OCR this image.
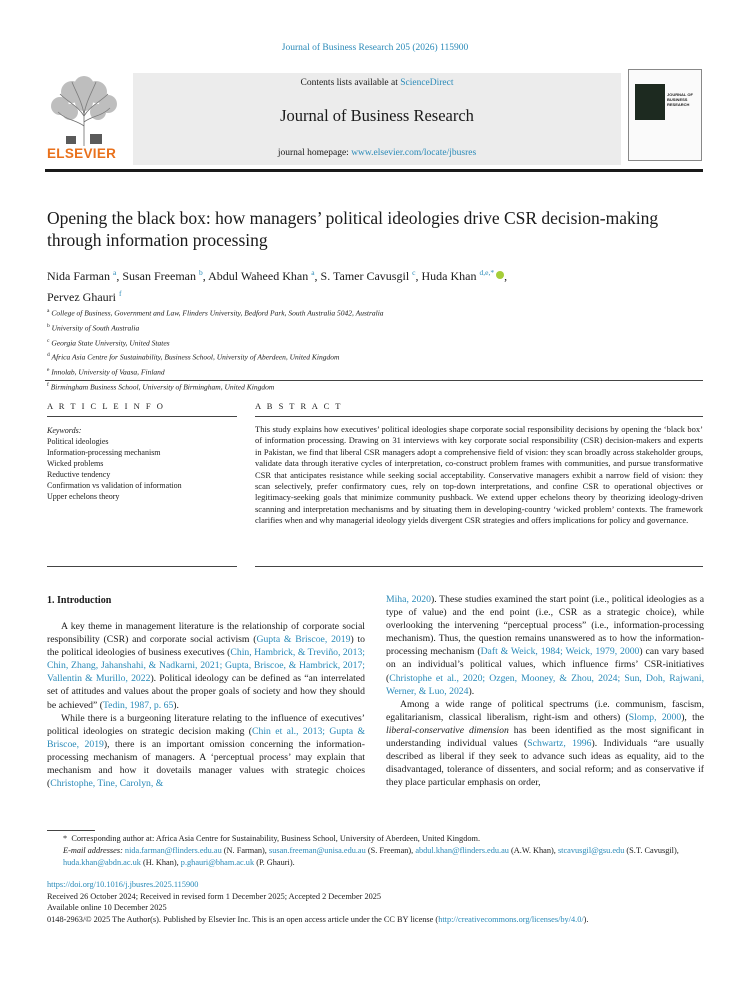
Journal of Business Research 205 (2026) 115900
ELSEVIER
Contents lists available at ScienceDirect
Journal of Business Research
journal homepage: www.elsevier.com/locate/jbusres
JOURNAL OF BUSINESS RESEARCH
Opening the black box: how managers’ political ideologies drive CSR decision-making through information processing
Nida Farman $^a$, Susan Freeman $^b$, Abdul Waheed Khan $^a$, S. Tamer Cavusgil $^c$, Huda Khan $^{d,e,*}$ ,
Pervez Ghauri $^f$
$^a$ College of Business, Government and Law, Flinders University, Bedford Park, South Australia 5042, Australia
$^b$ University of South Australia
$^c$ Georgia State University, United States
$^d$ Africa Asia Centre for Sustainability, Business School, University of Aberdeen, United Kingdom
$^e$ Innolab, University of Vaasa, Finland
$^f$ Birmingham Business School, University of Birmingham, United Kingdom
A R T I C L E I N F O	A B S T R A C T
Keywords:
Political ideologies
Information-processing mechanism
Wicked problems
Reductive tendency
Confirmation vs validation of information
Upper echelons theory
This study explains how executives’ political ideologies shape corporate social responsibility decisions by opening the ‘black box’ of information processing. Drawing on 31 interviews with key corporate social responsibility (CSR) decision-makers and experts in Pakistan, we find that liberal CSR managers adopt a comprehensive field of vision: they scan broadly across stakeholder groups, validate data through iterative cycles of interpretation, co-construct problem frames with communities, and pursue transformative CSR that anticipates resistance while seeking social acceptability. Conservative managers exhibit a narrow field of vision: they scan selectively, prefer confirmatory cues, rely on top-down interpretations, and confine CSR to operational objectives or legitimacy-seeking goals that minimize community pushback. We extend upper echelons theory by theorizing ideology-driven scanning and interpretation mechanisms and by situating them in developing-country ‘wicked problem’ contexts. The framework clarifies when and why managerial ideology yields divergent CSR strategies and offers implications for policy and governance.
1. Introduction

A key theme in management literature is the relationship of corporate social responsibility (CSR) and corporate social activism (Gupta & Briscoe, 2019) to the political ideologies of business executives (Chin, Hambrick, & Treviño, 2013; Chin, Zhang, Jahanshahi, & Nadkarni, 2021; Gupta, Briscoe, & Hambrick, 2017; Vallentin & Murillo, 2022). Political ideology can be defined as “an interrelated set of attitudes and values about the proper goals of society and how they should be achieved” (Tedin, 1987, p. 65).

While there is a burgeoning literature relating to the influence of executives’ political ideologies on strategic decision making (Chin et al., 2013; Gupta & Briscoe, 2019), there is an important omission concerning the information-processing mechanism of managers. A ‘perceptual process’ may explain that mechanism and how it dovetails manager values with strategic choices (Christophe, Tine, Carolyn, &

Miha, 2020). These studies examined the start point (i.e., political ideologies as a type of value) and the end point (i.e., CSR as a strategic choice), while overlooking the intervening “perceptual process” (i.e., information-processing mechanism). Thus, the question remains unanswered as to how the information-processing mechanism (Daft & Weick, 1984; Weick, 1979, 2000) can vary based on an individual’s political values, which influence firms’ CSR-initiatives (Christophe et al., 2020; Ozgen, Mooney, & Zhou, 2024; Sun, Doh, Rajwani, Werner, & Luo, 2024).

Among a wide range of political spectrums (i.e. communism, fascism, egalitarianism, classical liberalism, right-ism and others) (Slomp, 2000), the liberal-conservative dimension has been identified as the most significant in understanding individual values (Schwartz, 1996). Individuals “are usually described as liberal if they seek to advance such ideas as equality, aid to the disadvantaged, tolerance of dissenters, and social reform; and as conservative if they place particular emphasis on order,

* Corresponding author at: Africa Asia Centre for Sustainability, Business School, University of Aberdeen, United Kingdom.
E-mail addresses: nida.farman@flinders.edu.au (N. Farman), susan.freeman@unisa.edu.au (S. Freeman), abdul.khan@flinders.edu.au (A.W. Khan), stcavusgil@gsu.edu (S.T. Cavusgil), huda.khan@abdn.ac.uk (H. Khan), p.ghauri@bham.ac.uk (P. Ghauri).
https://doi.org/10.1016/j.jbusres.2025.115900
Received 26 October 2024; Received in revised form 1 December 2025; Accepted 2 December 2025
Available online 10 December 2025
0148-2963/© 2025 The Author(s). Published by Elsevier Inc. This is an open access article under the CC BY license (http://creativecommons.org/licenses/by/4.0/).
